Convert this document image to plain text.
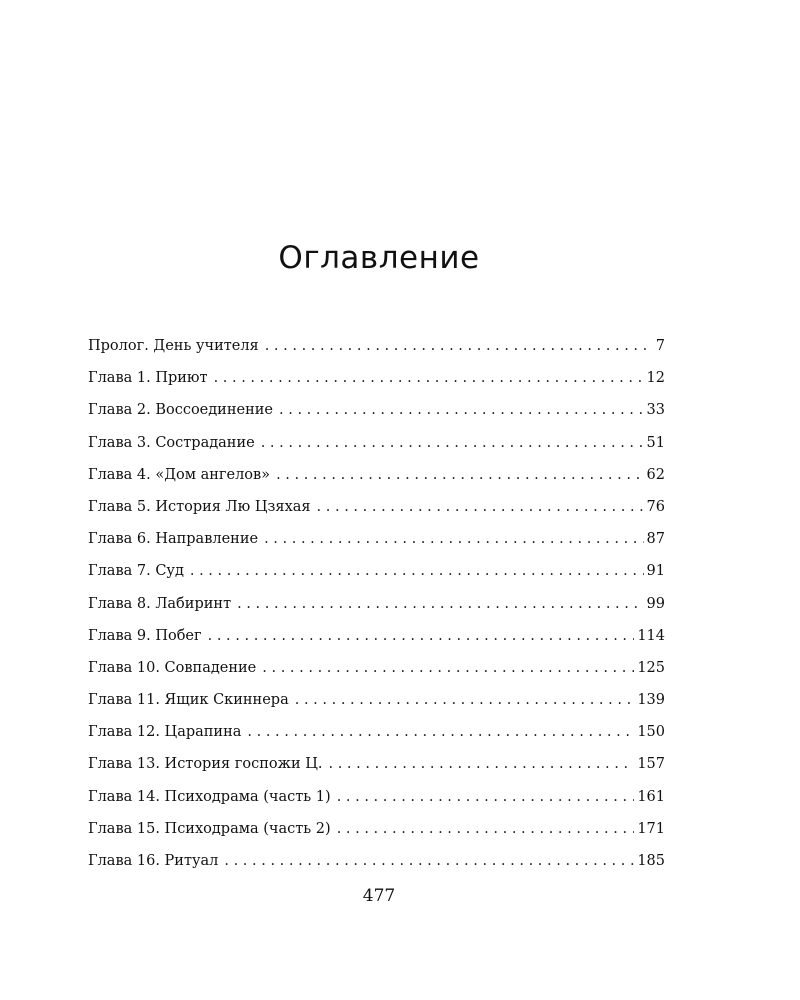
Оглавление
Пролог. День учителя . . .	7
Глава 1. Приют . . .	12
Глава 2. Воссоединение . . .	33
Глава 3. Сострадание . . .	51
Глава 4. «Дом ангелов» . . .	62
Глава 5. История Лю Цзяхая . . .	76
Глава 6. Направление . . .	87
Глава 7. Суд . . .	91
Глава 8. Лабиринт . . .	99
Глава 9. Побег . . .	114
Глава 10. Совпадение . . .	125
Глава 11. Ящик Скиннера . . .	139
Глава 12. Царапина . . .	150
Глава 13. История госпожи Ц. . . .	157
Глава 14. Психодрама (часть 1) . . .	161
Глава 15. Психодрама (часть 2) . . .	171
Глава 16. Ритуал . . .	185
477
